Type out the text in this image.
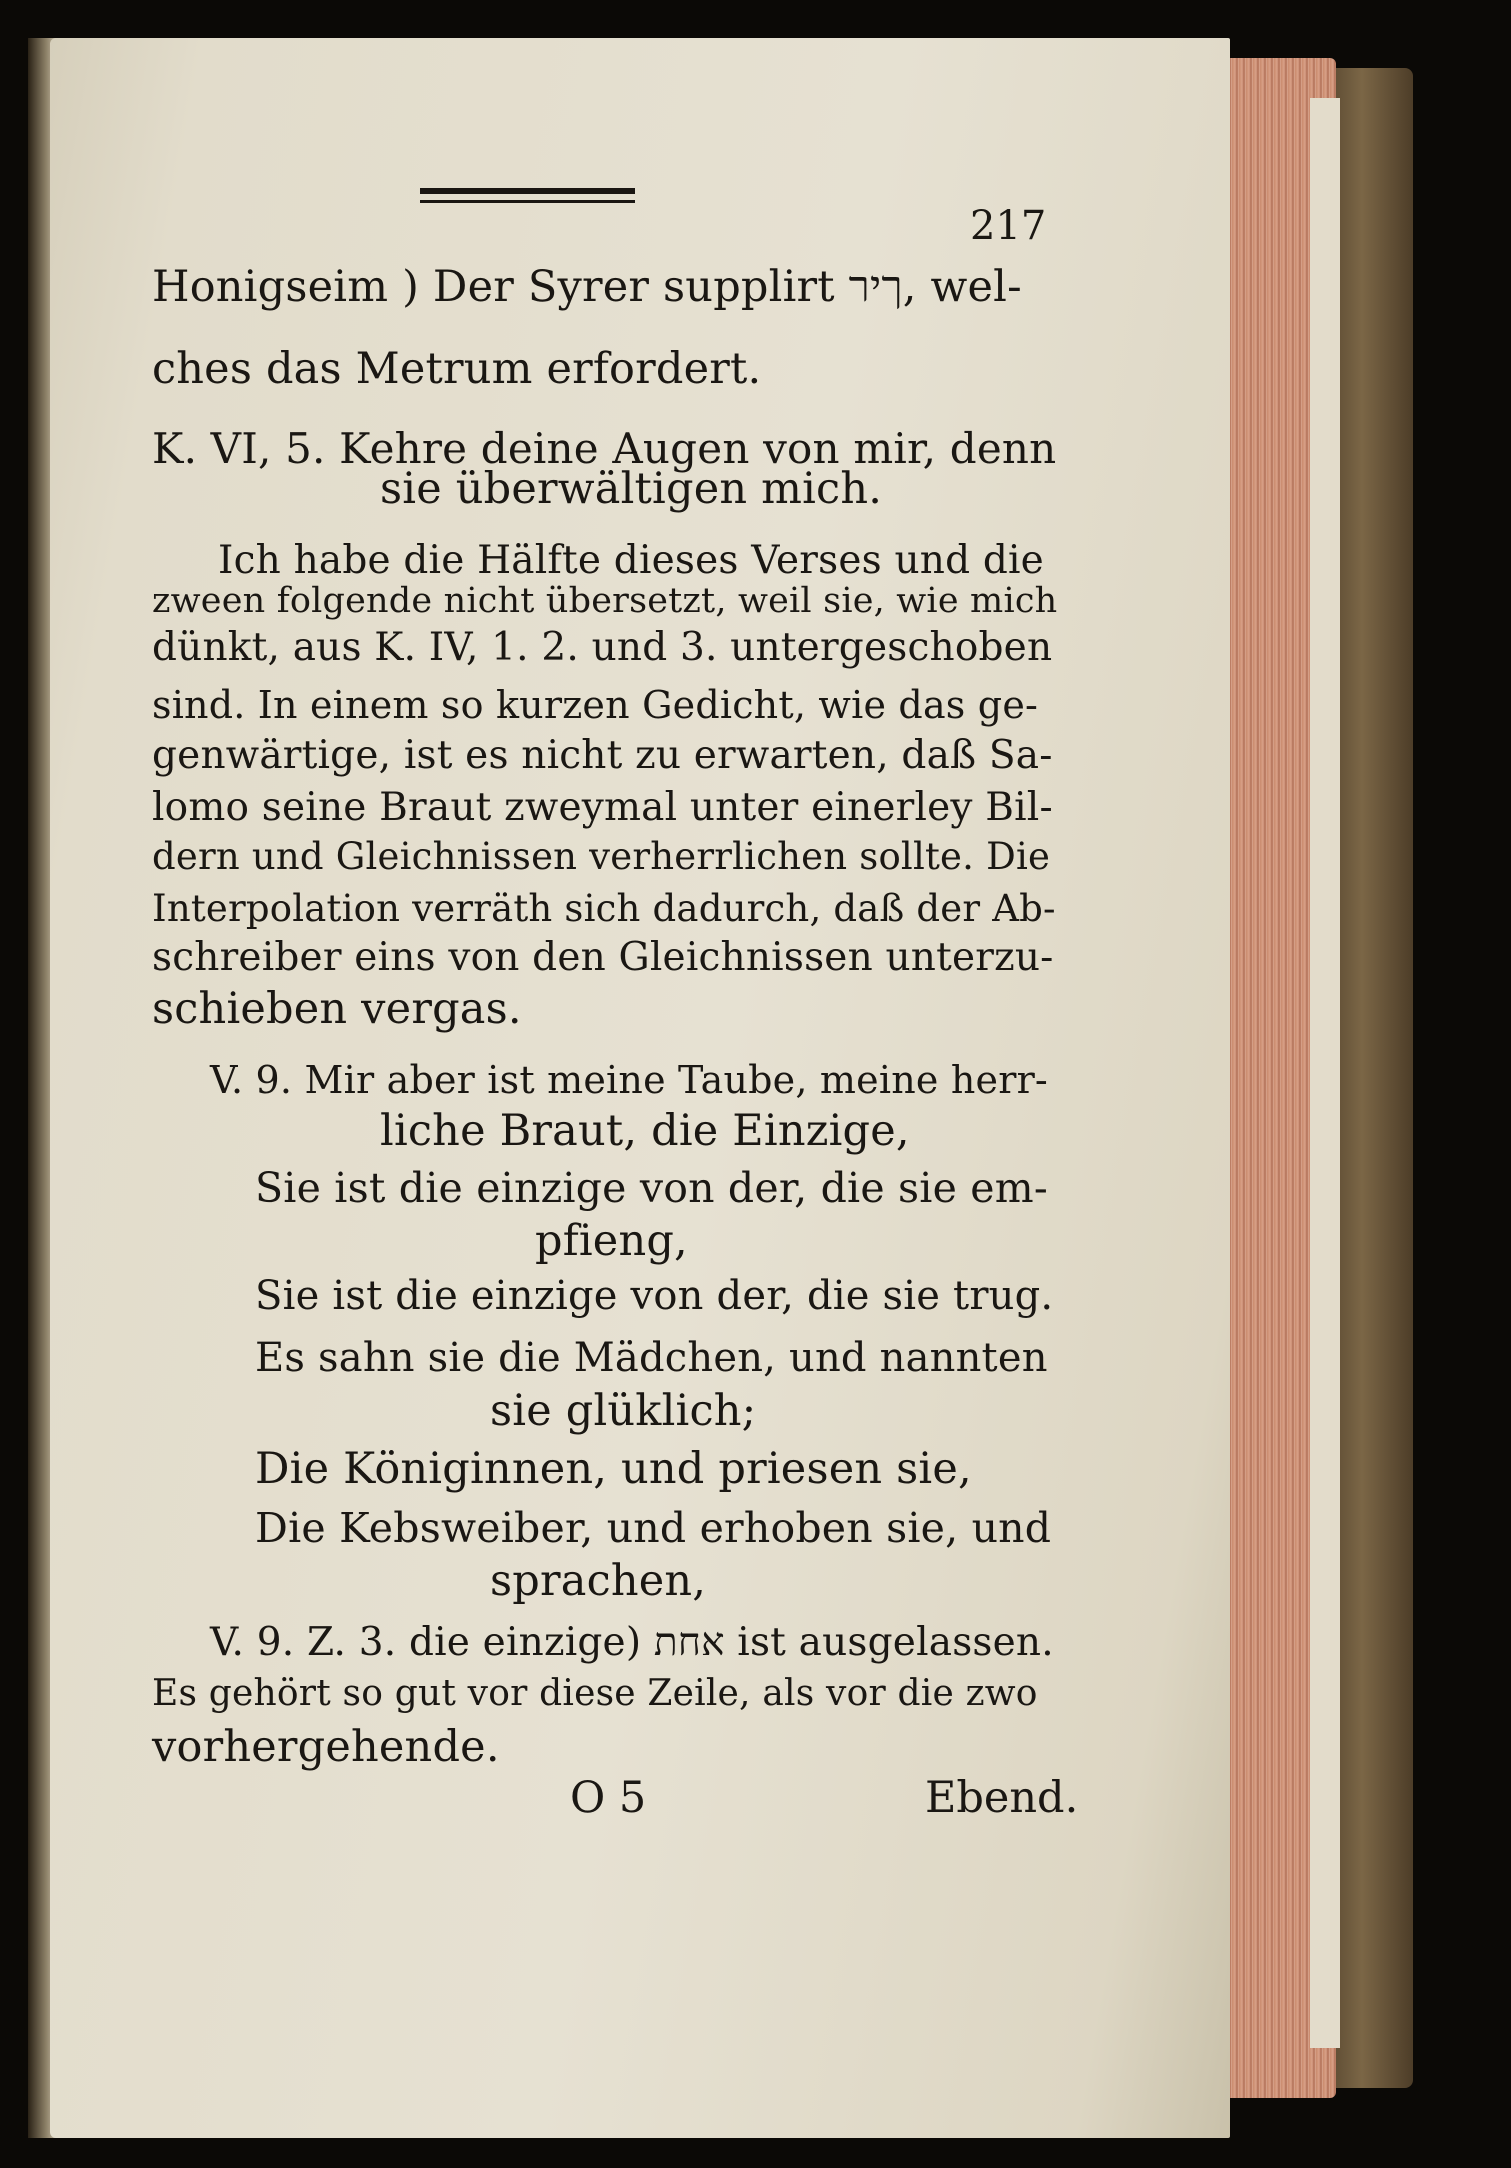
217
Honigseim ) Der Syrer supplirt ךיר, wel-
ches das Metrum erfordert.
K. VI, 5. Kehre deine Augen von mir, denn
sie überwältigen mich.
Ich habe die Hälfte dieses Verses und die
zween folgende nicht übersetzt, weil sie, wie mich
dünkt, aus K. IV, 1. 2. und 3. untergeschoben
sind. In einem so kurzen Gedicht, wie das ge-
genwärtige, ist es nicht zu erwarten, daß Sa-
lomo seine Braut zweymal unter einerley Bil-
dern und Gleichnissen verherrlichen sollte. Die
Interpolation verräth sich dadurch, daß der Ab-
schreiber eins von den Gleichnissen unterzu-
schieben vergas.
V. 9. Mir aber ist meine Taube, meine herr-
liche Braut, die Einzige,
Sie ist die einzige von der, die sie em-
pfieng,
Sie ist die einzige von der, die sie trug.
Es sahn sie die Mädchen, und nannten
sie glüklich;
Die Königinnen, und priesen sie,
Die Kebsweiber, und erhoben sie, und
sprachen,
V. 9. Z. 3. die einzige) אחת ist ausgelassen.
Es gehört so gut vor diese Zeile, als vor die zwo
vorhergehende.
O 5	Ebend.
